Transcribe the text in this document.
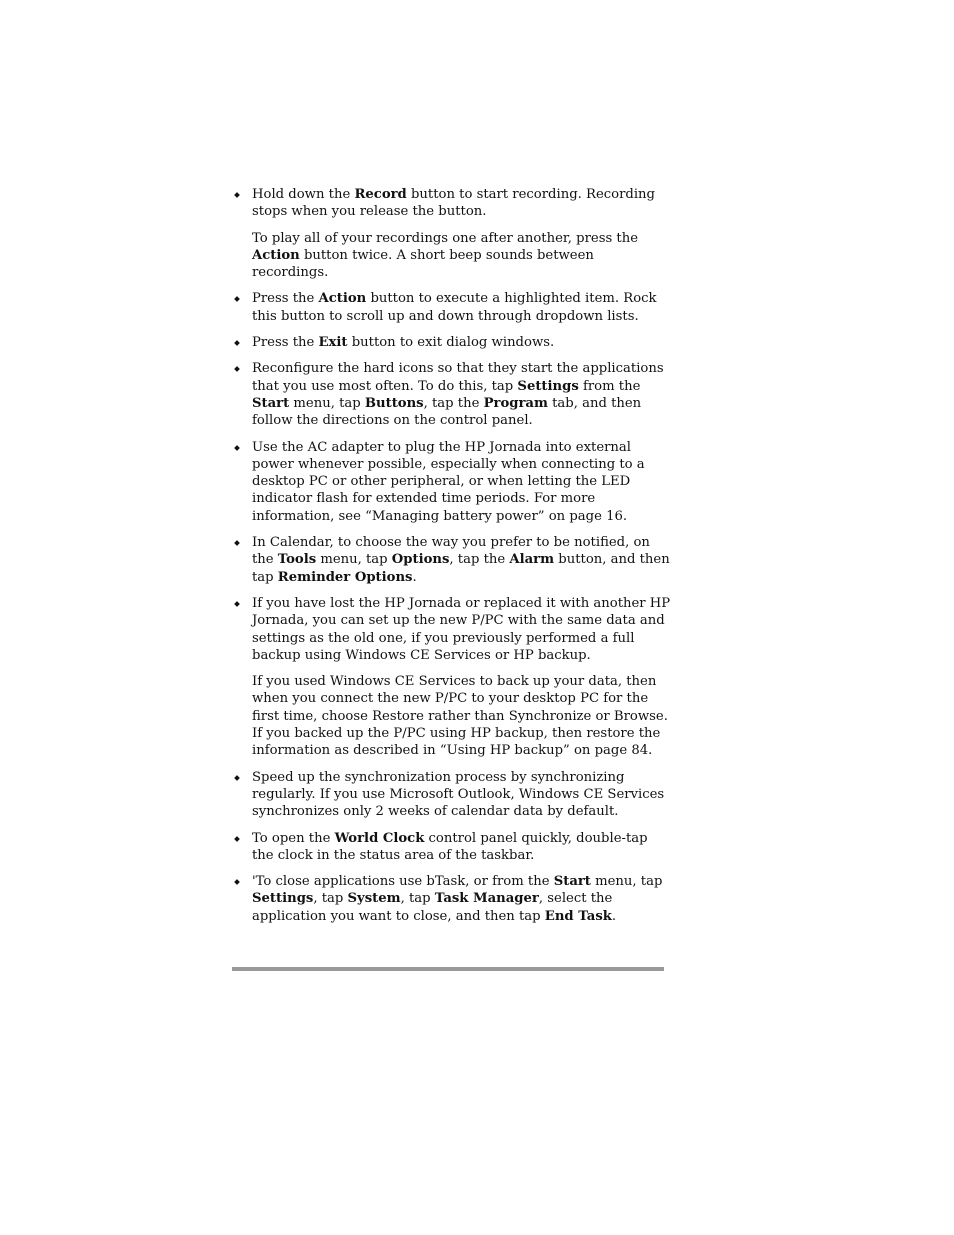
Hold down the Record button to start recording. Recording stops when you release the button.
To play all of your recordings one after another, press the Action button twice. A short beep sounds between recordings.
Press the Action button to execute a highlighted item. Rock this button to scroll up and down through dropdown lists.
Press the Exit button to exit dialog windows.
Reconfigure the hard icons so that they start the applications that you use most often. To do this, tap Settings from the Start menu, tap Buttons, tap the Program tab, and then follow the directions on the control panel.
Use the AC adapter to plug the HP Jornada into external power whenever possible, especially when connecting to a desktop PC or other peripheral, or when letting the LED indicator flash for extended time periods. For more information, see “Managing battery power” on page 16.
In Calendar, to choose the way you prefer to be notified, on the Tools menu, tap Options, tap the Alarm button, and then tap Reminder Options.
If you have lost the HP Jornada or replaced it with another HP Jornada, you can set up the new P/PC with the same data and settings as the old one, if you previously performed a full backup using Windows CE Services or HP backup.
If you used Windows CE Services to back up your data, then when you connect the new P/PC to your desktop PC for the first time, choose Restore rather than Synchronize or Browse. If you backed up the P/PC using HP backup, then restore the information as described in “Using HP backup” on page 84.
Speed up the synchronization process by synchronizing regularly. If you use Microsoft Outlook, Windows CE Services synchronizes only 2 weeks of calendar data by default.
To open the World Clock control panel quickly, double-tap the clock in the status area of the taskbar.
'To close applications use bTask, or from the Start menu, tap Settings, tap System, tap Task Manager, select the application you want to close, and then tap End Task.
